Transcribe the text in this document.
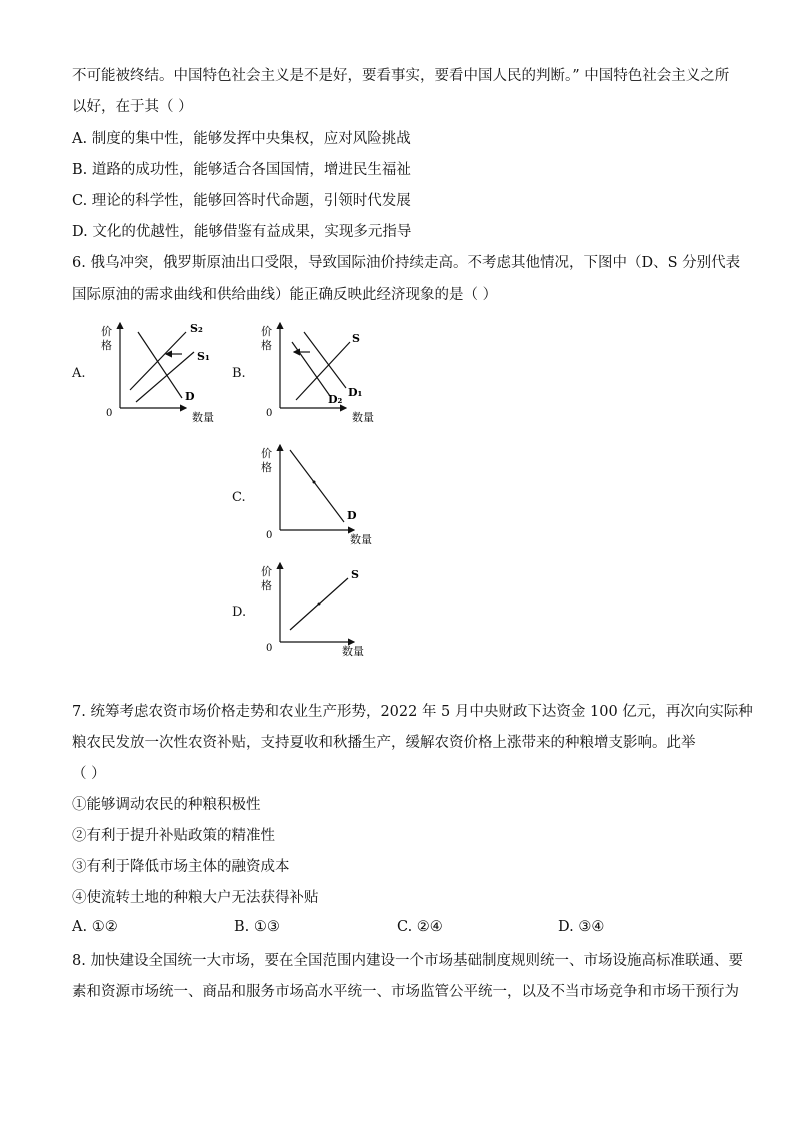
不可能被终结。中国特色社会主义是不是好，要看事实，要看中国人民的判断。” 中国特色社会主义之所
以好，在于其（ ）
A. 制度的集中性，能够发挥中央集权，应对风险挑战
B. 道路的成功性，能够适合各国国情，增进民生福祉
C. 理论的科学性，能够回答时代命题，引领时代发展
D. 文化的优越性，能够借鉴有益成果，实现多元指导
6. 俄乌冲突，俄罗斯原油出口受限，导致国际油价持续走高。不考虑其他情况，下图中（D、S 分别代表
国际原油的需求曲线和供给曲线）能正确反映此经济现象的是（ ）
A.
价
格
0	数量
S₂
S₁
D
B.
价
格
0	数量
S
D₁
D₂
C.
价
格
0	数量
D
D.
价
格
0	数量
S
7. 统筹考虑农资市场价格走势和农业生产形势，2022 年 5 月中央财政下达资金 100 亿元，再次向实际种
粮农民发放一次性农资补贴，支持夏收和秋播生产，缓解农资价格上涨带来的种粮增支影响。此举
（ ）
①能够调动农民的种粮积极性
②有利于提升补贴政策的精准性
③有利于降低市场主体的融资成本
④使流转土地的种粮大户无法获得补贴
A. ①②	B. ①③	C. ②④	D. ③④
8. 加快建设全国统一大市场，要在全国范围内建设一个市场基础制度规则统一、市场设施高标准联通、要
素和资源市场统一、商品和服务市场高水平统一、市场监管公平统一，以及不当市场竞争和市场干预行为
